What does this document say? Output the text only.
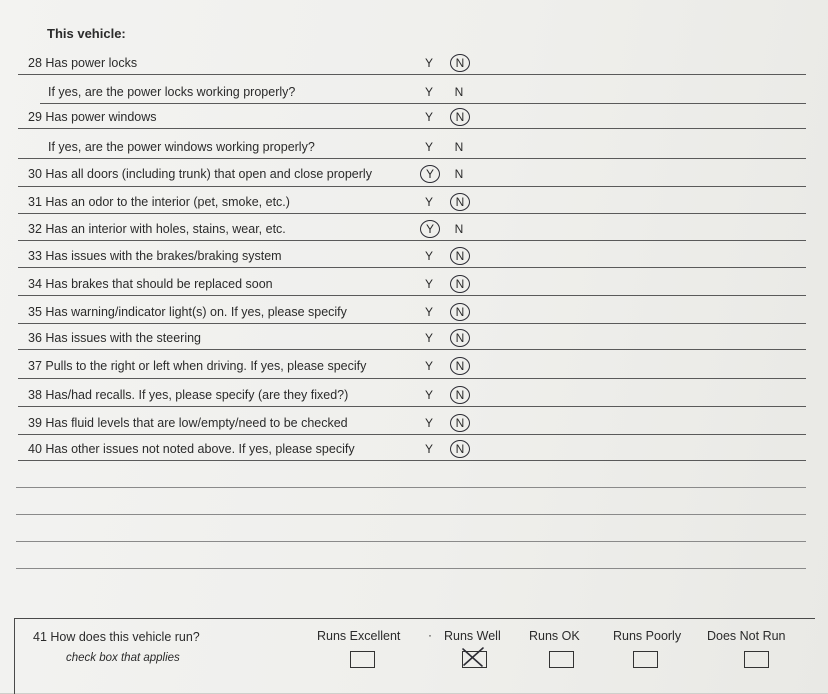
This vehicle:
28 Has power locks	Y	N
If yes, are the power locks working properly?	Y	N
29 Has power windows	Y	N
If yes, are the power windows working properly?	Y	N
30 Has all doors (including trunk) that open and close properly	Y	N
31 Has an odor to the interior (pet, smoke, etc.)	Y	N
32 Has an interior with holes, stains, wear, etc.	Y	N
33 Has issues with the brakes/braking system	Y	N
34 Has brakes that should be replaced soon	Y	N
35 Has warning/indicator light(s) on. If yes, please specify	Y	N
36 Has issues with the steering	Y	N
37 Pulls to the right or left when driving. If yes, please specify	Y	N
38 Has/had recalls. If yes, please specify (are they fixed?)	Y	N
39 Has fluid levels that are low/empty/need to be checked	Y	N
40 Has other issues not noted above. If yes, please specify	Y	N
41 How does this vehicle run?
check box that applies
Runs Excellent · Runs Well Runs OK	Runs Poorly Does Not Run
